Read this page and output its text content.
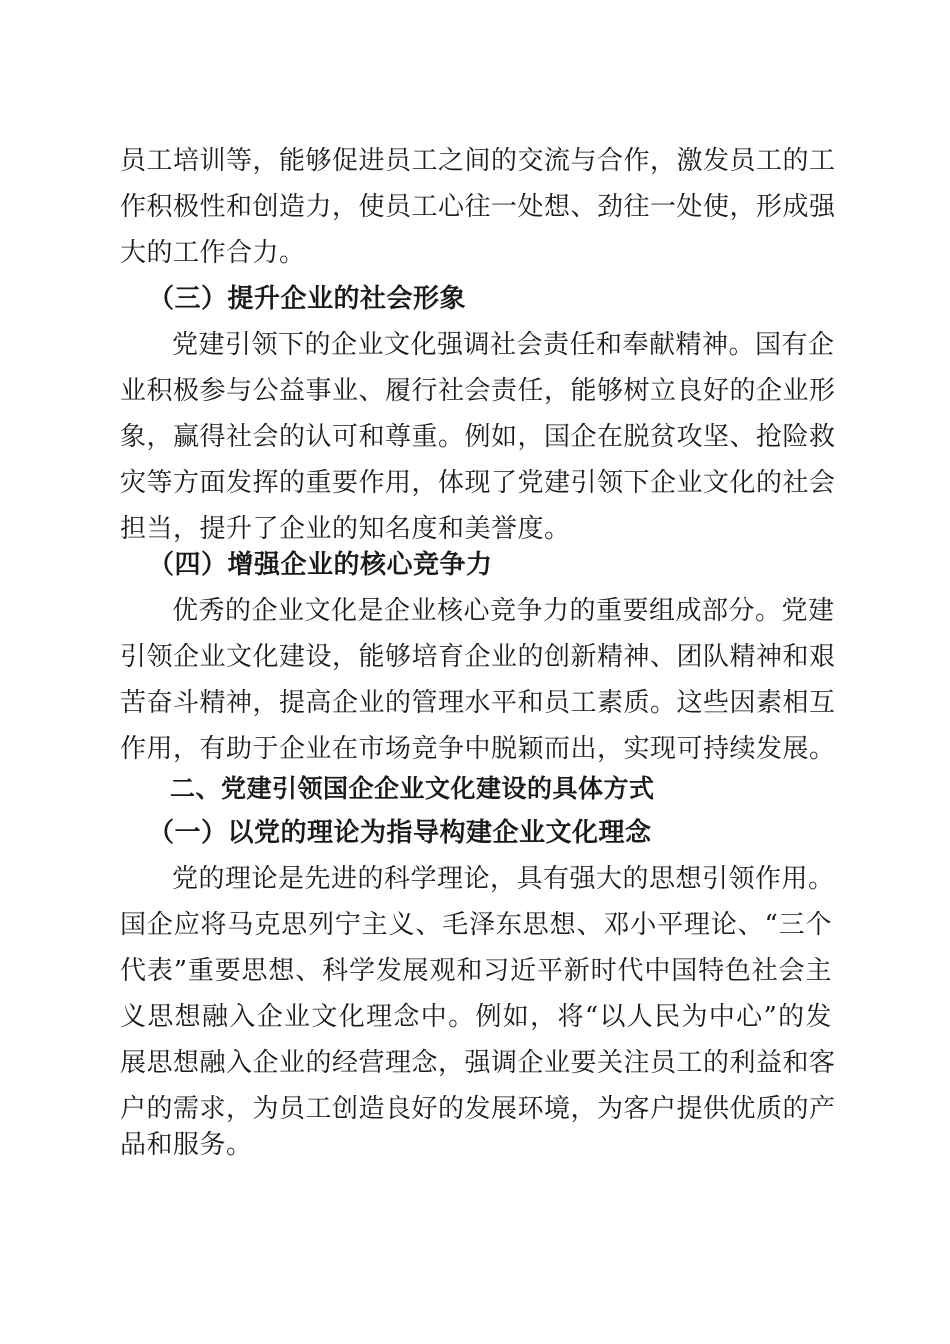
员工培训等，能够促进员工之间的交流与合作，激发员工的工
作积极性和创造力，使员工心往一处想、劲往一处使，形成强
大的工作合力。
（三）提升企业的社会形象
党建引领下的企业文化强调社会责任和奉献精神。国有企
业积极参与公益事业、履行社会责任，能够树立良好的企业形
象，赢得社会的认可和尊重。例如，国企在脱贫攻坚、抢险救
灾等方面发挥的重要作用，体现了党建引领下企业文化的社会
担当，提升了企业的知名度和美誉度。
（四）增强企业的核心竞争力
优秀的企业文化是企业核心竞争力的重要组成部分。党建
引领企业文化建设，能够培育企业的创新精神、团队精神和艰
苦奋斗精神，提高企业的管理水平和员工素质。这些因素相互
作用，有助于企业在市场竞争中脱颖而出，实现可持续发展。
二、党建引领国企企业文化建设的具体方式
（一）以党的理论为指导构建企业文化理念
党的理论是先进的科学理论，具有强大的思想引领作用。
国企应将马克思列宁主义、毛泽东思想、邓小平理论、“三个
代表”重要思想、科学发展观和习近平新时代中国特色社会主
义思想融入企业文化理念中。例如，将“以人民为中心”的发
展思想融入企业的经营理念，强调企业要关注员工的利益和客
户的需求，为员工创造良好的发展环境，为客户提供优质的产
品和服务。
